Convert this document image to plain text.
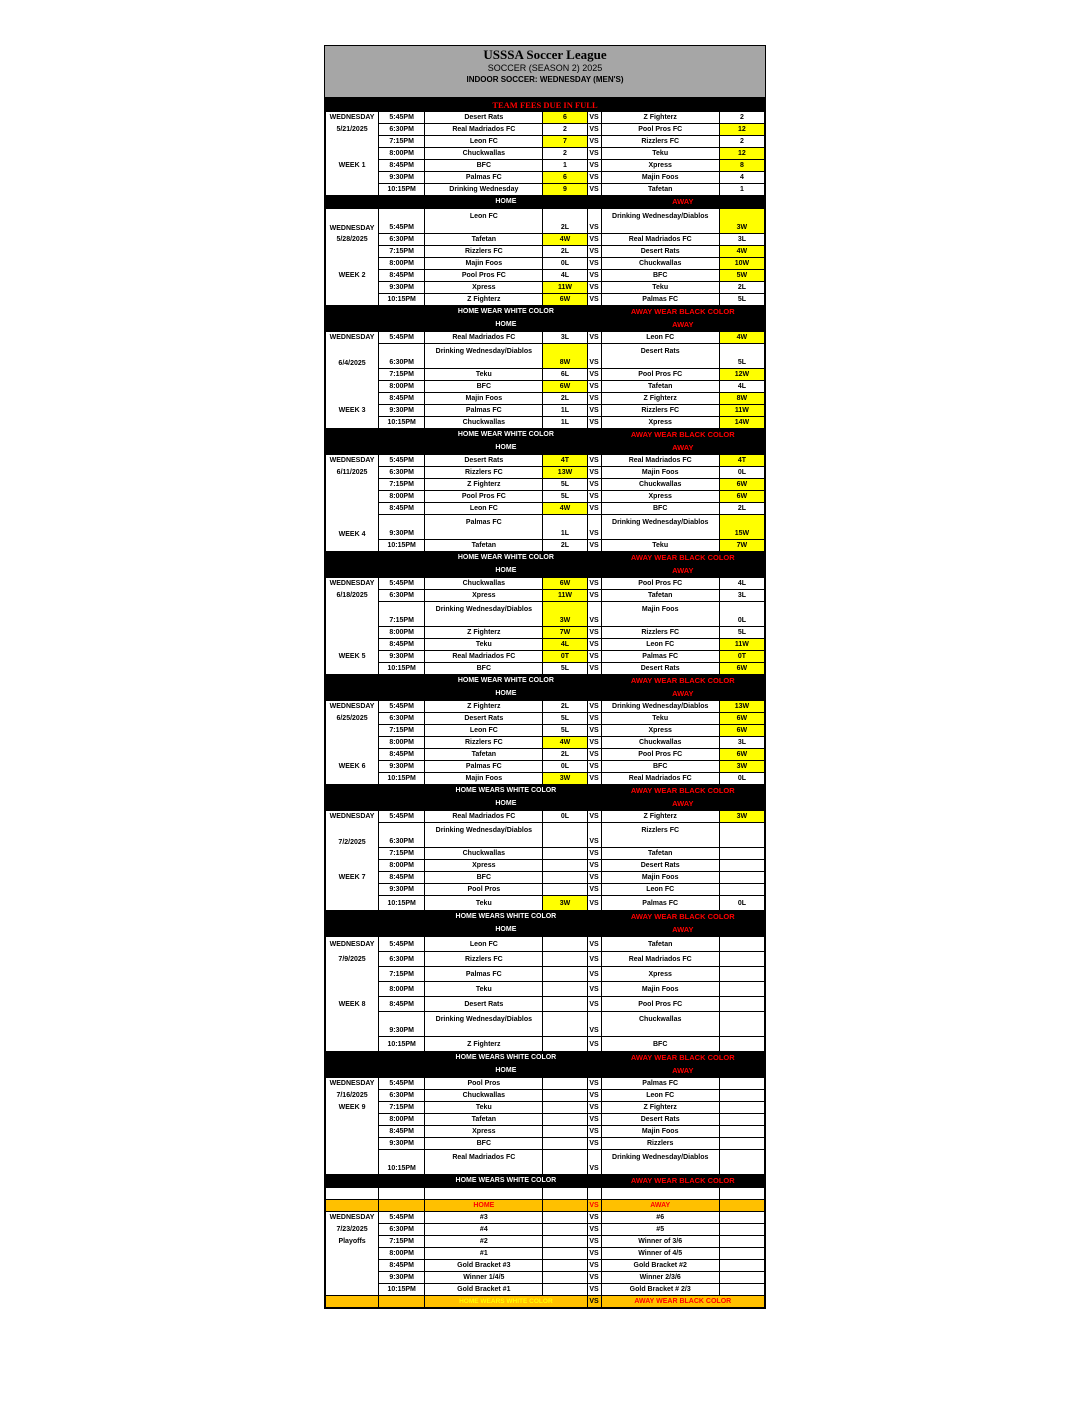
USSSA Soccer League
SOCCER (SEASON 2) 2025
INDOOR SOCCER: WEDNESDAY (MEN'S)
TEAM FEES DUE IN FULL						
WEDNESDAY	5:45PM	Desert Rats	6	VS	Z Fighterz	2
5/21/2025	6:30PM	Real Madriados FC	2	VS	Pool Pros FC	12
	7:15PM	Leon FC	7	VS	Rizzlers FC	2
	8:00PM	Chuckwallas	2	VS	Teku	12
WEEK 1	8:45PM	BFC	1	VS	Xpress	8
	9:30PM	Palmas FC	6	VS	Majin Foos	4
	10:15PM	Drinking Wednesday	9	VS	Tafetan	1
		HOME			AWAY	
WEDNESDAY	5:45PM	Leon FC	2L	VS	Drinking Wednesday/Diablos	3W
5/28/2025	6:30PM	Tafetan	4W	VS	Real Madriados FC	3L
	7:15PM	Rizzlers FC	2L	VS	Desert Rats	4W
	8:00PM	Majin Foos	0L	VS	Chuckwallas	10W
WEEK 2	8:45PM	Pool Pros FC	4L	VS	BFC	5W
	9:30PM	Xpress	11W	VS	Teku	2L
	10:15PM	Z Fighterz	6W	VS	Palmas FC	5L
		HOME WEAR WHITE COLOR			AWAY WEAR BLACK COLOR	
		HOME			AWAY	
WEDNESDAY	5:45PM	Real Madriados FC	3L	VS	Leon FC	4W
6/4/2025	6:30PM	Drinking Wednesday/Diablos	8W	VS	Desert Rats	5L
	7:15PM	Teku	6L	VS	Pool Pros FC	12W
	8:00PM	BFC	6W	VS	Tafetan	4L
	8:45PM	Majin Foos	2L	VS	Z Fighterz	8W
WEEK 3	9:30PM	Palmas FC	1L	VS	Rizzlers FC	11W
	10:15PM	Chuckwallas	1L	VS	Xpress	14W
		HOME WEAR WHITE COLOR			AWAY WEAR BLACK COLOR	
		HOME			AWAY	
WEDNESDAY	5:45PM	Desert Rats	4T	VS	Real Madriados FC	4T
6/11/2025	6:30PM	Rizzlers FC	13W	VS	Majin Foos	0L
	7:15PM	Z Fighterz	5L	VS	Chuckwallas	6W
	8:00PM	Pool Pros FC	5L	VS	Xpress	6W
	8:45PM	Leon FC	4W	VS	BFC	2L
WEEK 4	9:30PM	Palmas FC	1L	VS	Drinking Wednesday/Diablos	15W
	10:15PM	Tafetan	2L	VS	Teku	7W
		HOME WEAR WHITE COLOR			AWAY WEAR BLACK COLOR	
		HOME			AWAY	
WEDNESDAY	5:45PM	Chuckwallas	6W	VS	Pool Pros FC	4L
6/18/2025	6:30PM	Xpress	11W	VS	Tafetan	3L
	7:15PM	Drinking Wednesday/Diablos	3W	VS	Majin Foos	0L
	8:00PM	Z Fighterz	7W	VS	Rizzlers FC	5L
	8:45PM	Teku	4L	VS	Leon FC	11W
WEEK 5	9:30PM	Real Madriados FC	0T	VS	Palmas FC	0T
	10:15PM	BFC	5L	VS	Desert Rats	6W
		HOME WEAR WHITE COLOR			AWAY WEAR BLACK COLOR	
		HOME			AWAY	
WEDNESDAY	5:45PM	Z Fighterz	2L	VS	Drinking Wednesday/Diablos	13W
6/25/2025	6:30PM	Desert Rats	5L	VS	Teku	6W
	7:15PM	Leon FC	5L	VS	Xpress	6W
	8:00PM	Rizzlers FC	4W	VS	Chuckwallas	3L
	8:45PM	Tafetan	2L	VS	Pool Pros FC	6W
WEEK 6	9:30PM	Palmas FC	0L	VS	BFC	3W
	10:15PM	Majin Foos	3W	VS	Real Madriados FC	0L
		HOME WEARS WHITE COLOR			AWAY WEAR BLACK COLOR	
		HOME			AWAY	
WEDNESDAY	5:45PM	Real Madriados FC	0L	VS	Z Fighterz	3W
7/2/2025	6:30PM	Drinking Wednesday/Diablos		VS	Rizzlers FC	
	7:15PM	Chuckwallas		VS	Tafetan	
	8:00PM	Xpress		VS	Desert Rats	
WEEK 7	8:45PM	BFC		VS	Majin Foos	
	9:30PM	Pool Pros		VS	Leon FC	
	10:15PM	Teku	3W	VS	Palmas FC	0L
		HOME WEARS WHITE COLOR			AWAY WEAR BLACK COLOR	
		HOME			AWAY	
WEDNESDAY	5:45PM	Leon FC		VS	Tafetan	
7/9/2025	6:30PM	Rizzlers FC		VS	Real Madriados FC	
	7:15PM	Palmas FC		VS	Xpress	
	8:00PM	Teku		VS	Majin Foos	
WEEK 8	8:45PM	Desert Rats		VS	Pool Pros FC	
	9:30PM	Drinking Wednesday/Diablos		VS	Chuckwallas	
	10:15PM	Z Fighterz		VS	BFC	
		HOME WEARS WHITE COLOR			AWAY WEAR BLACK COLOR	
		HOME			AWAY	
WEDNESDAY	5:45PM	Pool Pros		VS	Palmas FC	
7/16/2025	6:30PM	Chuckwallas		VS	Leon FC	
WEEK 9	7:15PM	Teku		VS	Z Fighterz	
	8:00PM	Tafetan		VS	Desert Rats	
	8:45PM	Xpress		VS	Majin Foos	
	9:30PM	BFC		VS	Rizzlers	
	10:15PM	Real Madriados FC		VS	Drinking Wednesday/Diablos	
		HOME WEARS WHITE COLOR			AWAY WEAR BLACK COLOR	

		HOME		VS	AWAY	
WEDNESDAY	5:45PM	#3		VS	#6	
7/23/2025	6:30PM	#4		VS	#5	
Playoffs	7:15PM	#2		VS	Winner of 3/6	
	8:00PM	#1		VS	Winner of 4/5	
	8:45PM	Gold Bracket #3		VS	Gold Bracket #2	
	9:30PM	Winner 1/4/5		VS	Winner 2/3/6	
	10:15PM	Gold Bracket #1		VS	Gold Bracket # 2/3	
		HOME WEARS WHITE COLOR		VS	AWAY WEAR BLACK COLOR	
